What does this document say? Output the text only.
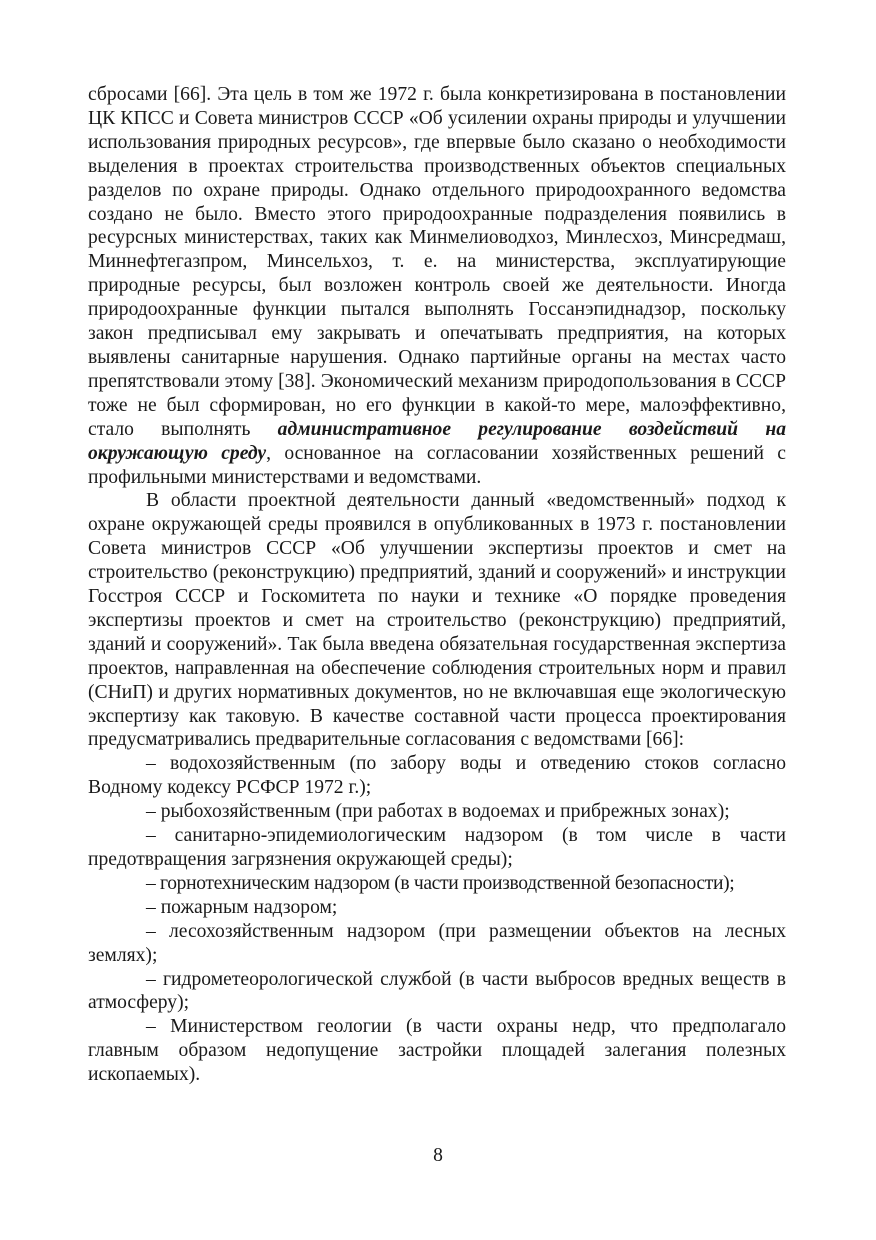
сбросами [66]. Эта цель в том же 1972 г. была конкретизирована в постановлении ЦК КПСС и Совета министров СССР «Об усилении охраны природы и улучшении использования природных ресурсов», где впервые было сказано о необходимости выделения в проектах строительства производственных объектов специальных разделов по охране природы. Однако отдельного природоохранного ведомства создано не было. Вместо этого природоохранные подразделения появились в ресурсных министерствах, таких как Минмелиоводхоз, Минлесхоз, Минсредмаш, Миннефтегазпром, Минсельхоз, т. е. на министерства, эксплуатирующие природные ресурсы, был возложен контроль своей же деятельности. Иногда природоохранные функции пытался выполнять Госсанэпиднадзор, поскольку закон предписывал ему закрывать и опечатывать предприятия, на которых выявлены санитарные нарушения. Однако партийные органы на местах часто препятствовали этому [38]. Экономический механизм природопользования в СССР тоже не был сформирован, но его функции в какой-то мере, малоэффективно, стало выполнять административное регулирование воздействий на окружающую среду, основанное на согласовании хозяйственных решений с профильными министерствами и ведомствами.

В области проектной деятельности данный «ведомственный» подход к охране окружающей среды проявился в опубликованных в 1973 г. постановлении Совета министров СССР «Об улучшении экспертизы проектов и смет на строительство (реконструкцию) предприятий, зданий и сооружений» и инструкции Госстроя СССР и Госкомитета по науки и технике «О порядке проведения экспертизы проектов и смет на строительство (реконструкцию) предприятий, зданий и сооружений». Так была введена обязательная государственная экспертиза проектов, направленная на обеспечение соблюдения строительных норм и правил (СНиП) и других нормативных документов, но не включавшая еще экологическую экспертизу как таковую. В качестве составной части процесса проектирования предусматривались предварительные согласования с ведомствами [66]:

– водохозяйственным (по забору воды и отведению стоков согласно Водному кодексу РСФСР 1972 г.);

– рыбохозяйственным (при работах в водоемах и прибрежных зонах);

– санитарно-эпидемиологическим надзором (в том числе в части предотвращения загрязнения окружающей среды);

– горнотехническим надзором (в части производственной безопасности);

– пожарным надзором;

– лесохозяйственным надзором (при размещении объектов на лесных землях);

– гидрометеорологической службой (в части выбросов вредных веществ в атмосферу);

– Министерством геологии (в части охраны недр, что предполагало главным образом недопущение застройки площадей залегания полезных ископаемых).

8
